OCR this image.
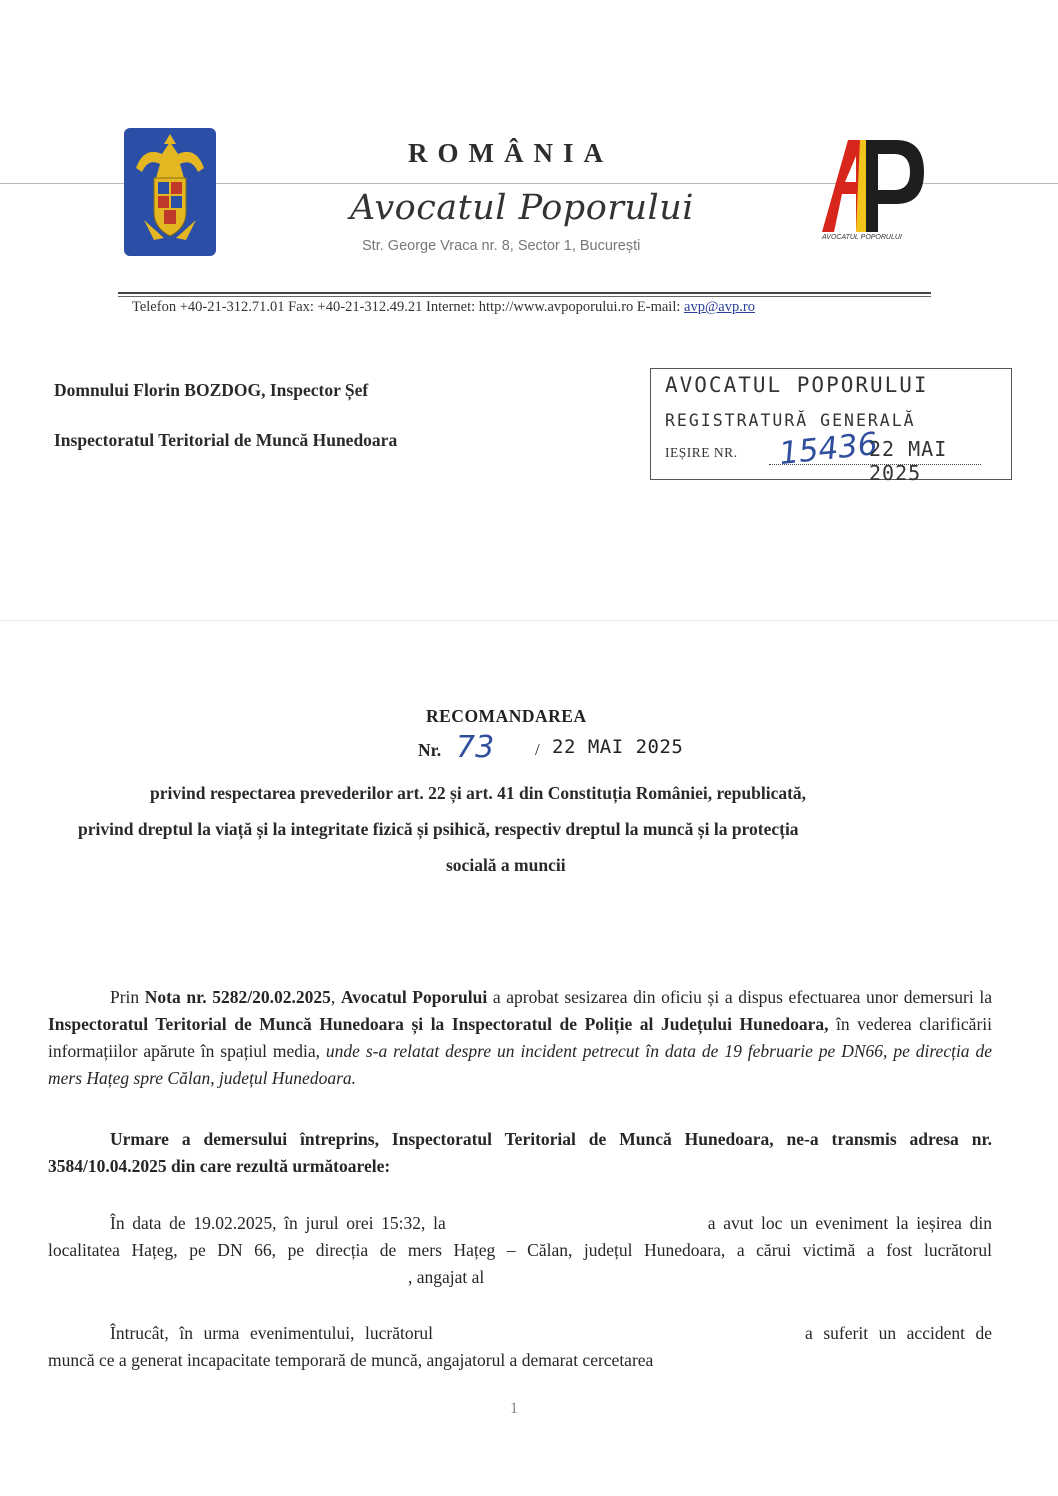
ROMÂNIA
Avocatul Poporului
Str. George Vraca nr. 8, Sector 1, București
AVOCATUL POPORULUI
Telefon +40-21-312.71.01 Fax: +40-21-312.49.21 Internet: http://www.avpoporului.ro E-mail: avp@avp.ro
Domnului Florin BOZDOG, Inspector Șef
Inspectoratul Teritorial de Muncă Hunedoara
AVOCATUL POPORULUI
REGISTRATURĂ GENERALĂ
IEȘIRE NR. 15436
22 MAI 2025
RECOMANDAREA
Nr. 73 / 22 MAI 2025
privind respectarea prevederilor art. 22 și art. 41 din Constituția României, republicată,
privind dreptul la viață și la integritate fizică și psihică, respectiv dreptul la muncă și la protecția
socială a muncii
Prin Nota nr. 5282/20.02.2025, Avocatul Poporului a aprobat sesizarea din oficiu și a dispus efectuarea unor demersuri la Inspectoratul Teritorial de Muncă Hunedoara și la Inspectoratul de Poliție al Județului Hunedoara, în vederea clarificării informațiilor apărute în spațiul media, unde s-a relatat despre un incident petrecut în data de 19 februarie pe DN66, pe direcția de mers Hațeg spre Călan, județul Hunedoara.
Urmare a demersului întreprins, Inspectoratul Teritorial de Muncă Hunedoara, ne-a transmis adresa nr. 3584/10.04.2025 din care rezultă următoarele:
În data de 19.02.2025, în jurul orei 15:32, la	a avut loc un eveniment la ieșirea din localitatea Hațeg, pe DN 66, pe direcția de mers Hațeg – Călan, județul Hunedoara, a cărui victimă a fost lucrătorul, angajat al
Întrucât, în urma evenimentului, lucrătorul	a suferit un accident de muncă ce a generat incapacitate temporară de muncă, angajatorul a demarat cercetarea
1
